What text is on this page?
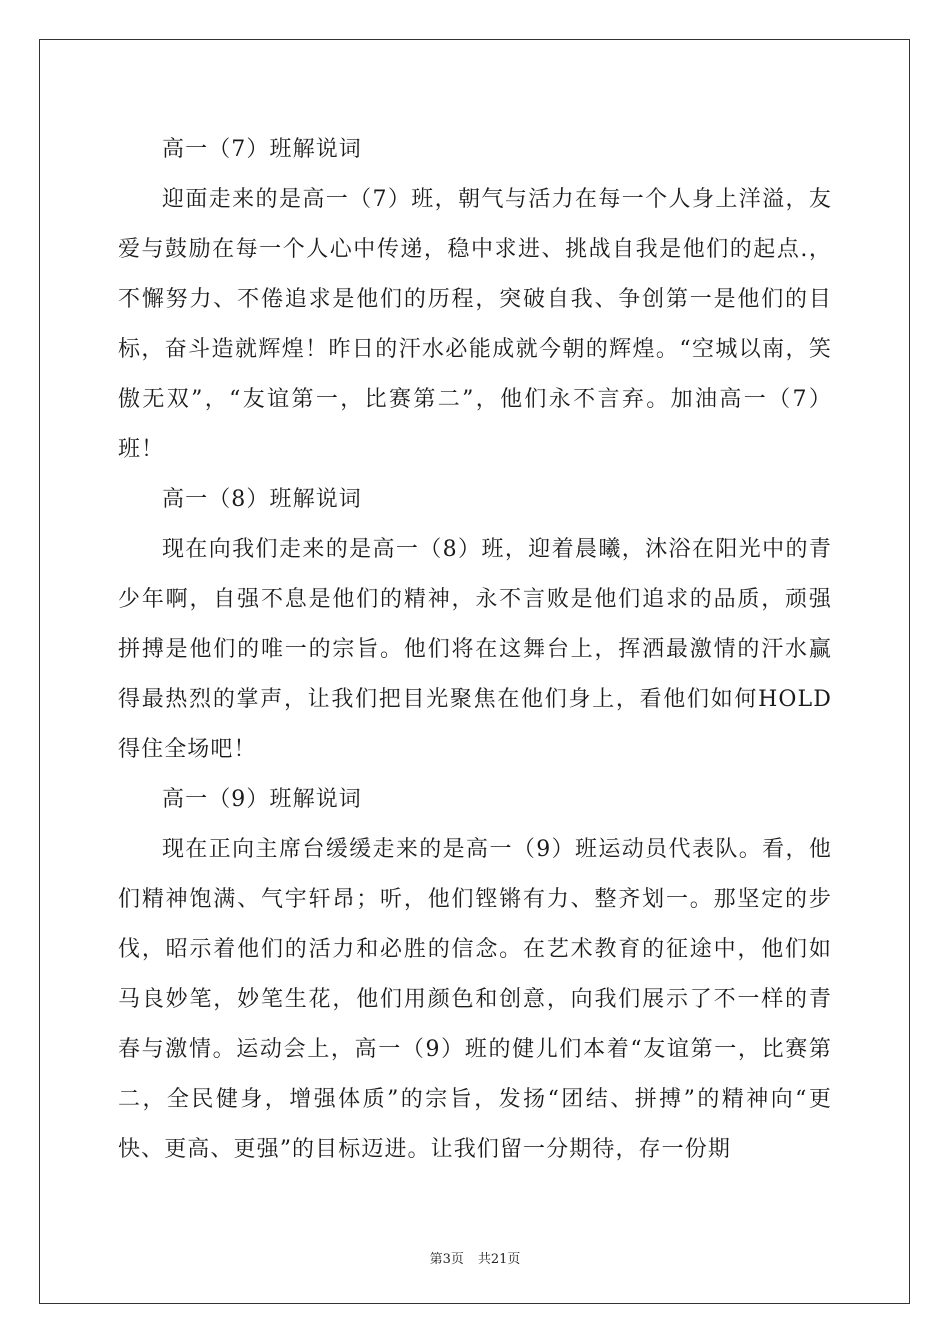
高一（7）班解说词

迎面走来的是高一（7）班，朝气与活力在每一个人身上洋溢，友爱与鼓励在每一个人心中传递，稳中求进、挑战自我是他们的起点.，不懈努力、不倦追求是他们的历程，突破自我、争创第一是他们的目标，奋斗造就辉煌！昨日的汗水必能成就今朝的辉煌。“空城以南，笑傲无双”，“友谊第一，比赛第二”，他们永不言弃。加油高一（7）班！

高一（8）班解说词

现在向我们走来的是高一（8）班，迎着晨曦，沐浴在阳光中的青少年啊，自强不息是他们的精神，永不言败是他们追求的品质，顽强拼搏是他们的唯一的宗旨。他们将在这舞台上，挥洒最激情的汗水赢得最热烈的掌声，让我们把目光聚焦在他们身上，看他们如何HOLD得住全场吧！

高一（9）班解说词

现在正向主席台缓缓走来的是高一（9）班运动员代表队。看，他们精神饱满、气宇轩昂；听，他们铿锵有力、整齐划一。那坚定的步伐，昭示着他们的活力和必胜的信念。在艺术教育的征途中，他们如马良妙笔，妙笔生花，他们用颜色和创意，向我们展示了不一样的青春与激情。运动会上，高一（9）班的健儿们本着“友谊第一，比赛第二，全民健身，增强体质”的宗旨，发扬“团结、拼搏”的精神向“更快、更高、更强”的目标迈进。让我们留一分期待，存一份期

第3页 共21页
